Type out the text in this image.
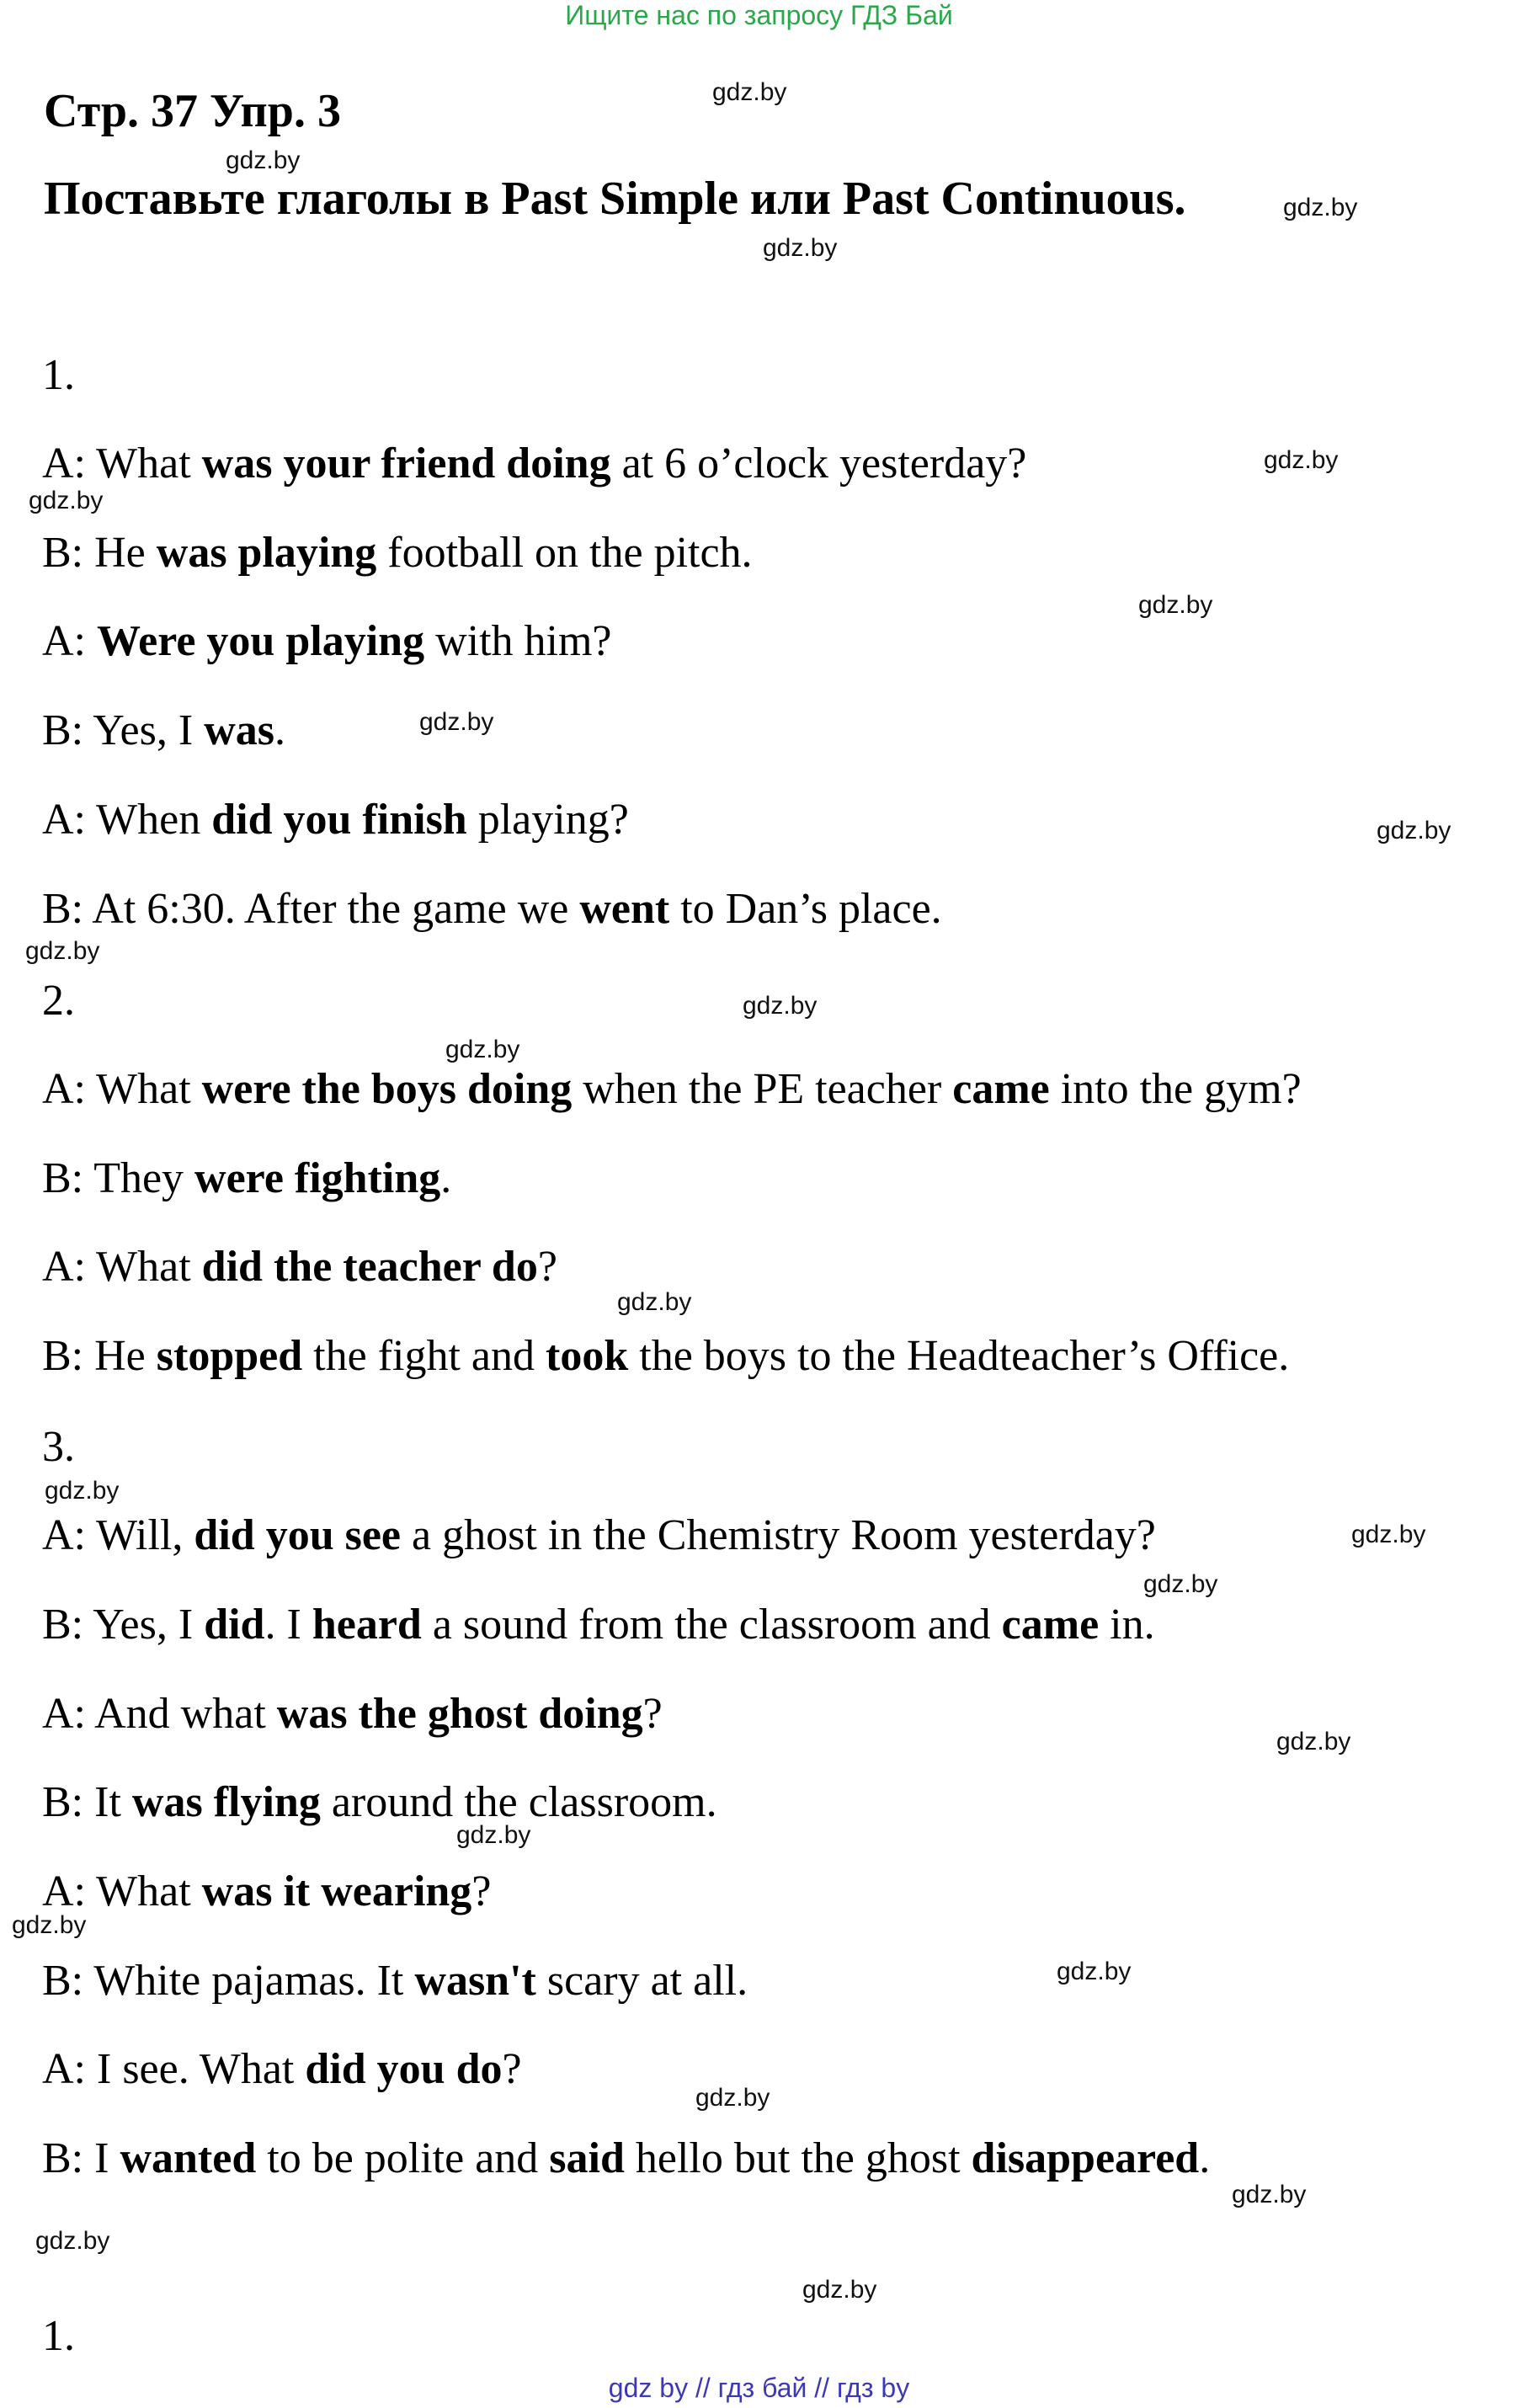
Ищите нас по запросу ГДЗ Бай
Стр. 37 Упр. 3
Поставьте глаголы в Past Simple или Past Continuous.
1.
2.
3.
1.
A: What was your friend doing at 6 o’clock yesterday?
B: He was playing football on the pitch.
A: Were you playing with him?
B: Yes, I was.
A: When did you finish playing?
B: At 6:30. After the game we went to Dan’s place.
A: What were the boys doing when the PE teacher came into the gym?
B: They were fighting.
A: What did the teacher do?
B: He stopped the fight and took the boys to the Headteacher’s Office.
A: Will, did you see a ghost in the Chemistry Room yesterday?
B: Yes, I did. I heard a sound from the classroom and came in.
A: And what was the ghost doing?
B: It was flying around the classroom.
A: What was it wearing?
B: White pajamas. It wasn't scary at all.
A: I see. What did you do?
B: I wanted to be polite and said hello but the ghost disappeared.
gdz.by
gdz.by
gdz.by
gdz.by
gdz.by
gdz.by
gdz.by
gdz.by
gdz.by
gdz.by
gdz.by
gdz.by
gdz.by
gdz.by
gdz.by
gdz.by
gdz.by
gdz.by
gdz.by
gdz.by
gdz.by
gdz.by
gdz.by
gdz.by
gdz by // гдз бай // гдз by
